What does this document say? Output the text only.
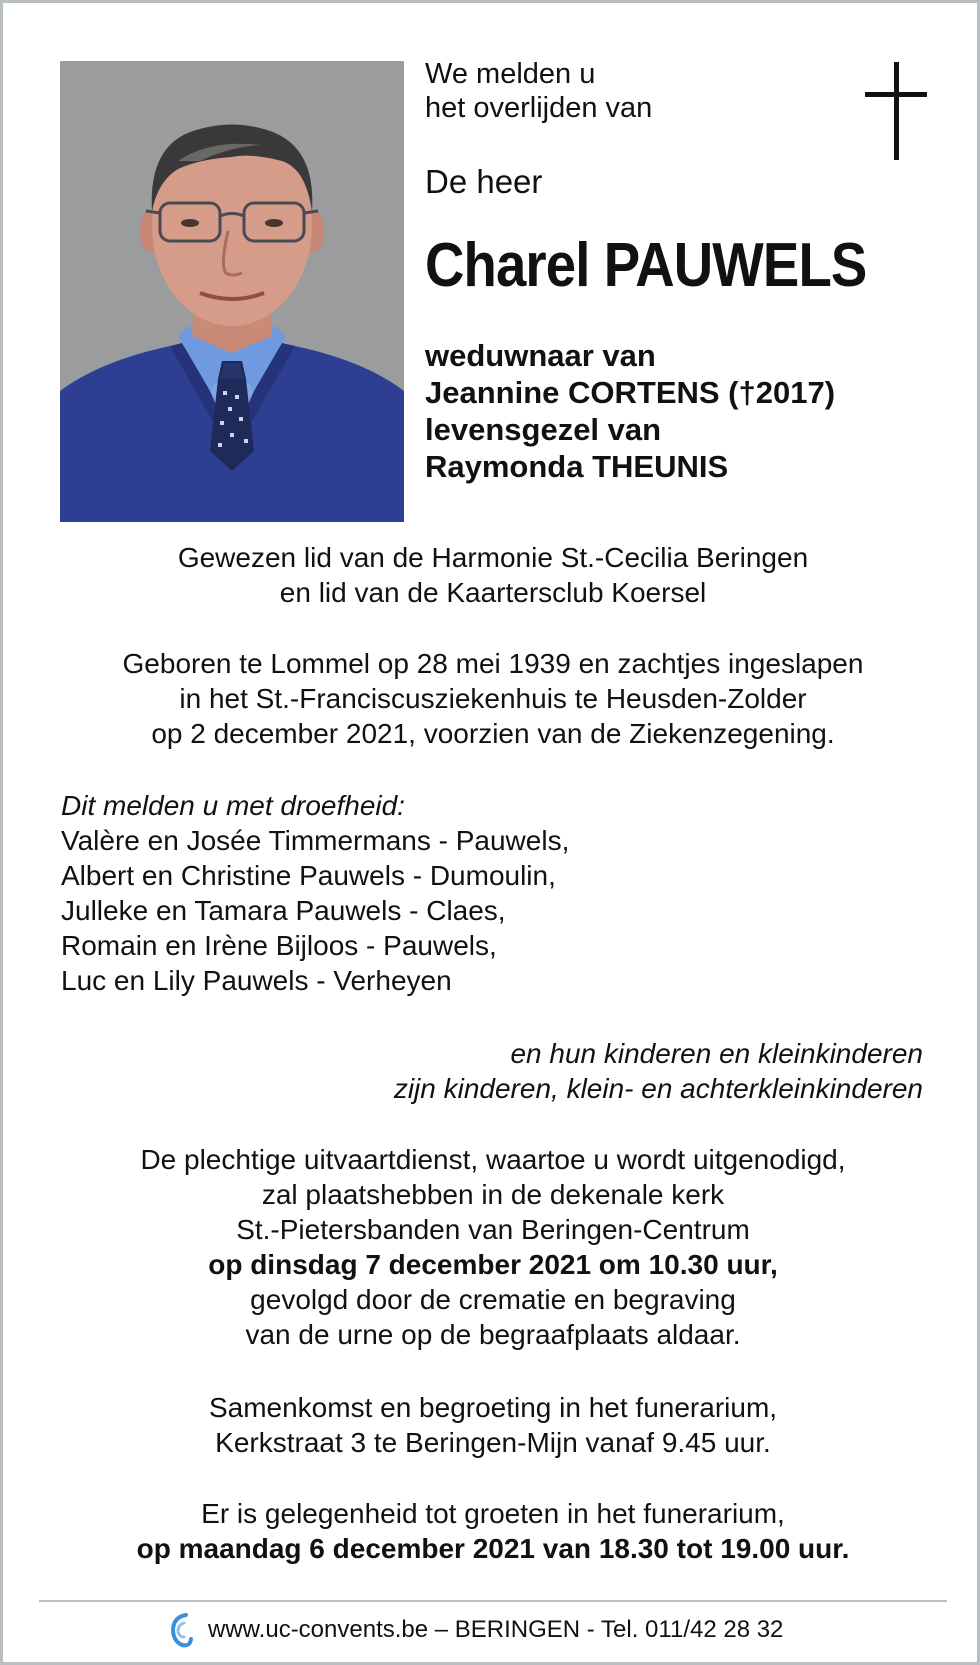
We melden u
het overlijden van
De heer
Charel PAUWELS
weduwnaar van
Jeannine CORTENS (†2017)
levensgezel van
Raymonda THEUNIS
Gewezen lid van de Harmonie St.-Cecilia Beringen
en lid van de Kaartersclub Koersel
Geboren te Lommel op 28 mei 1939 en zachtjes ingeslapen
in het St.-Franciscusziekenhuis te Heusden-Zolder
op 2 december 2021, voorzien van de Ziekenzegening.
Dit melden u met droefheid:
Valère en Josée Timmermans - Pauwels,
Albert en Christine Pauwels - Dumoulin,
Julleke en Tamara Pauwels - Claes,
Romain en Irène Bijloos - Pauwels,
Luc en Lily Pauwels - Verheyen
en hun kinderen en kleinkinderen
zijn kinderen, klein- en achterkleinkinderen
De plechtige uitvaartdienst, waartoe u wordt uitgenodigd,
zal plaatshebben in de dekenale kerk
St.-Pietersbanden van Beringen-Centrum
op dinsdag 7 december 2021 om 10.30 uur,
gevolgd door de crematie en begraving
van de urne op de begraafplaats aldaar.
Samenkomst en begroeting in het funerarium,
Kerkstraat 3 te Beringen-Mijn vanaf 9.45 uur.
Er is gelegenheid tot groeten in het funerarium,
op maandag 6 december 2021 van 18.30 tot 19.00 uur.
www.uc-convents.be – BERINGEN - Tel. 011/42 28 32
